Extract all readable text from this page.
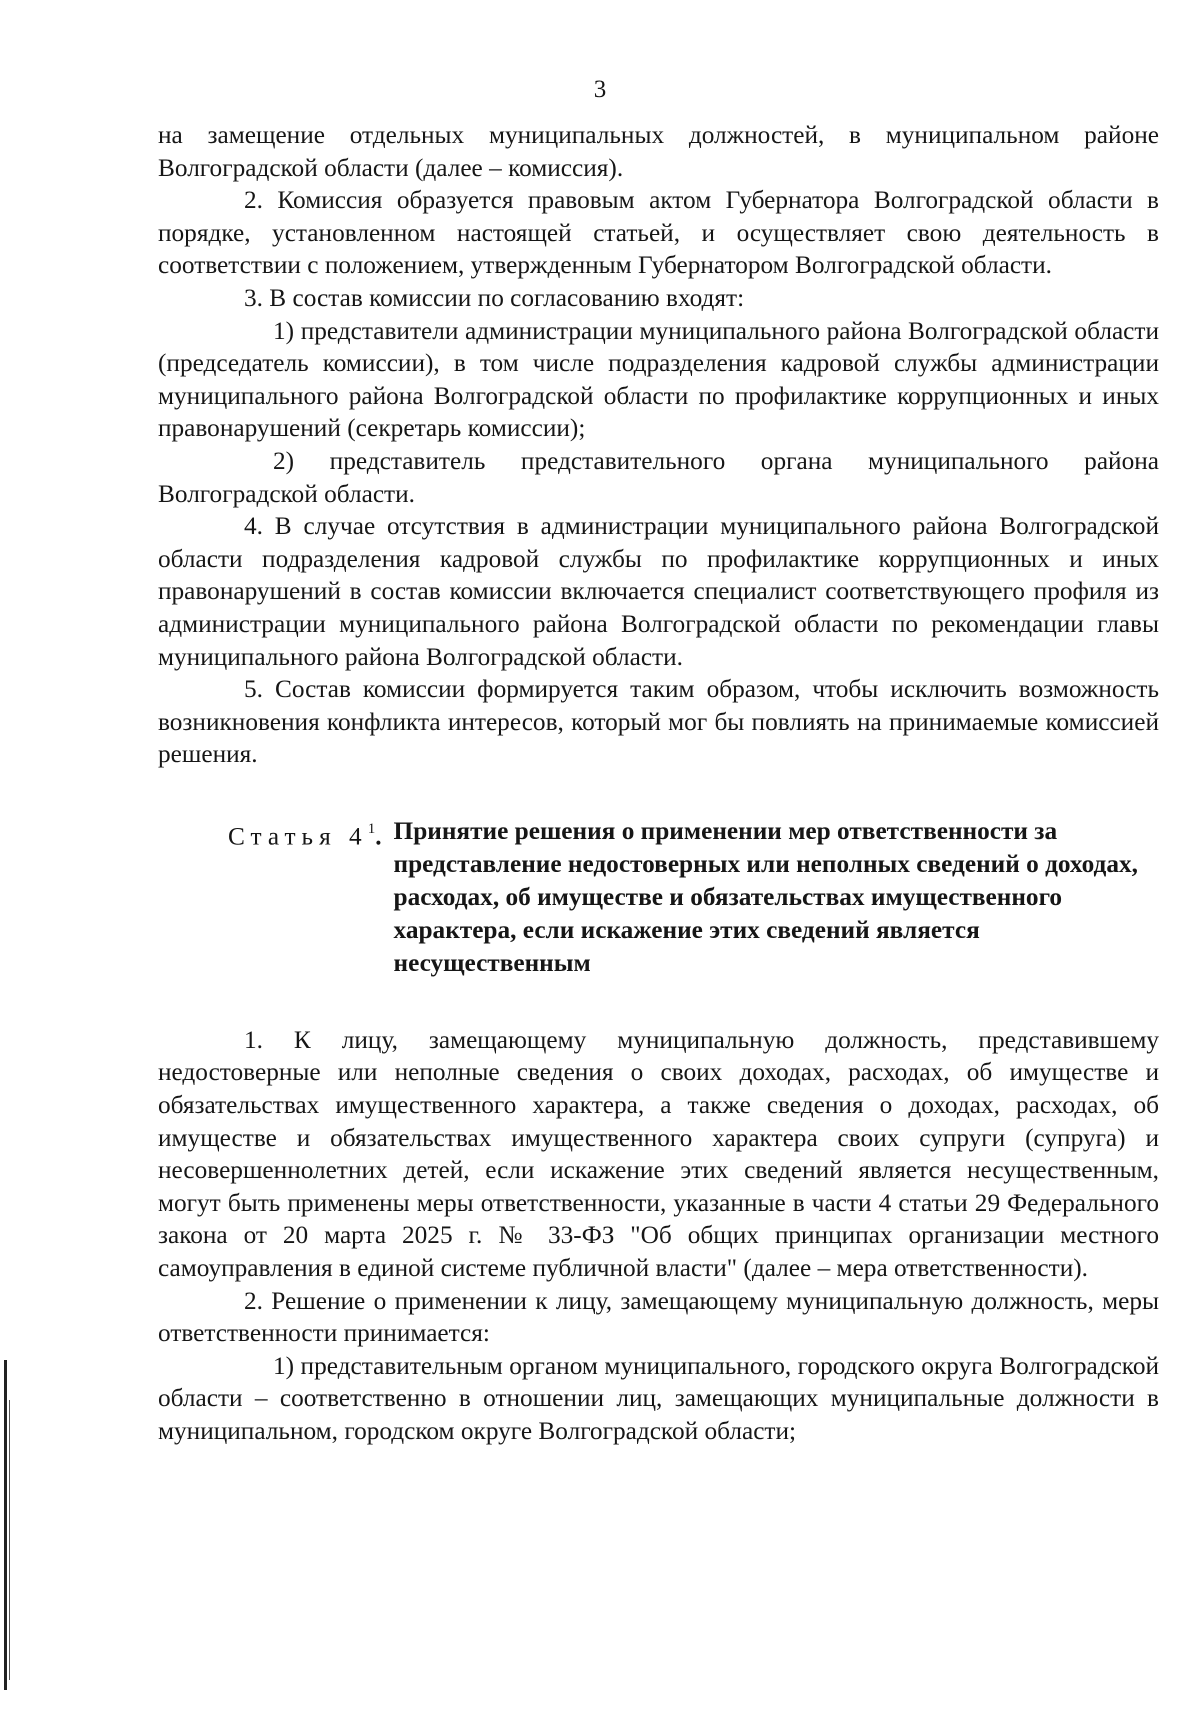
3

на замещение отдельных муниципальных должностей, в муниципальном районе Волгоградской области (далее – комиссия).

2. Комиссия образуется правовым актом Губернатора Волгоградской области в порядке, установленном настоящей статьей, и осуществляет свою деятельность в соответствии с положением, утвержденным Губернатором Волгоградской области.

3. В состав комиссии по согласованию входят:

1) представители администрации муниципального района Волгоградской области (председатель комиссии), в том числе подразделения кадровой службы администрации муниципального района Волгоградской области по профилактике коррупционных и иных правонарушений (секретарь комиссии);

2) представитель представительного органа муниципального района Волгоградской области.

4. В случае отсутствия в администрации муниципального района Волгоградской области подразделения кадровой службы по профилактике коррупционных и иных правонарушений в состав комиссии включается специалист соответствующего профиля из администрации муниципального района Волгоградской области по рекомендации главы муниципального района Волгоградской области.

5. Состав комиссии формируется таким образом, чтобы исключить возможность возникновения конфликта интересов, который мог бы повлиять на принимаемые комиссией решения.

Статья $4^1$. Принятие решения о применении мер ответственности за представление недостоверных или неполных сведений о доходах, расходах, об имуществе и обязательствах имущественного характера, если искажение этих сведений является несущественным

1. К лицу, замещающему муниципальную должность, представившему недостоверные или неполные сведения о своих доходах, расходах, об имуществе и обязательствах имущественного характера, а также сведения о доходах, расходах, об имуществе и обязательствах имущественного характера своих супруги (супруга) и несовершеннолетних детей, если искажение этих сведений является несущественным, могут быть применены меры ответственности, указанные в части 4 статьи 29 Федерального закона от 20 марта 2025 г. № 33-ФЗ "Об общих принципах организации местного самоуправления в единой системе публичной власти" (далее – мера ответственности).

2. Решение о применении к лицу, замещающему муниципальную должность, меры ответственности принимается:

1) представительным органом муниципального, городского округа Волгоградской области – соответственно в отношении лиц, замещающих муниципальные должности в муниципальном, городском округе Волгоградской области;
